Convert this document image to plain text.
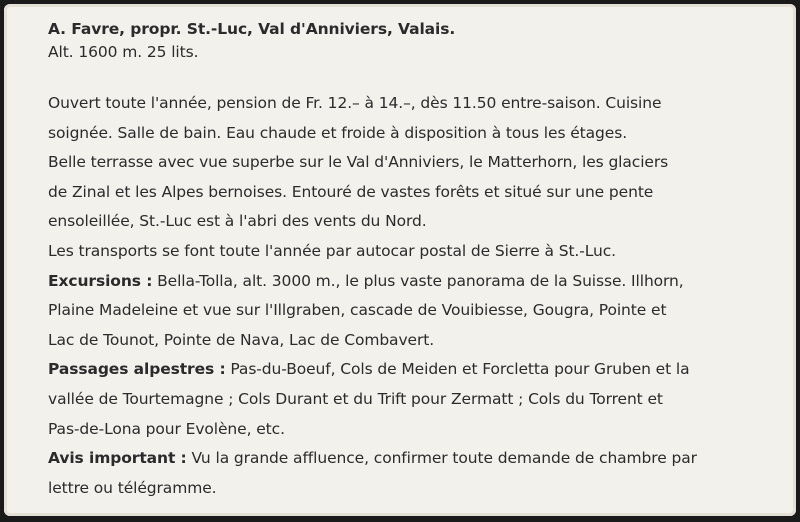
A. Favre, propr. St.-Luc, Val d'Anniviers, Valais.
Alt. 1600 m. 25 lits.
Ouvert toute l'année, pension de Fr. 12.– à 14.–, dès 11.50 entre-saison. Cuisine
soignée. Salle de bain. Eau chaude et froide à disposition à tous les étages.
Belle terrasse avec vue superbe sur le Val d'Anniviers, le Matterhorn, les glaciers
de Zinal et les Alpes bernoises. Entouré de vastes forêts et situé sur une pente
ensoleillée, St.-Luc est à l'abri des vents du Nord.
Les transports se font toute l'année par autocar postal de Sierre à St.-Luc.
Excursions : Bella-Tolla, alt. 3000 m., le plus vaste panorama de la Suisse. Illhorn,
Plaine Madeleine et vue sur l'Illgraben, cascade de Vouibiesse, Gougra, Pointe et
Lac de Tounot, Pointe de Nava, Lac de Combavert.
Passages alpestres : Pas-du-Boeuf, Cols de Meiden et Forcletta pour Gruben et la
vallée de Tourtemagne ; Cols Durant et du Trift pour Zermatt ; Cols du Torrent et
Pas-de-Lona pour Evolène, etc.
Avis important : Vu la grande affluence, confirmer toute demande de chambre par
lettre ou télégramme.
